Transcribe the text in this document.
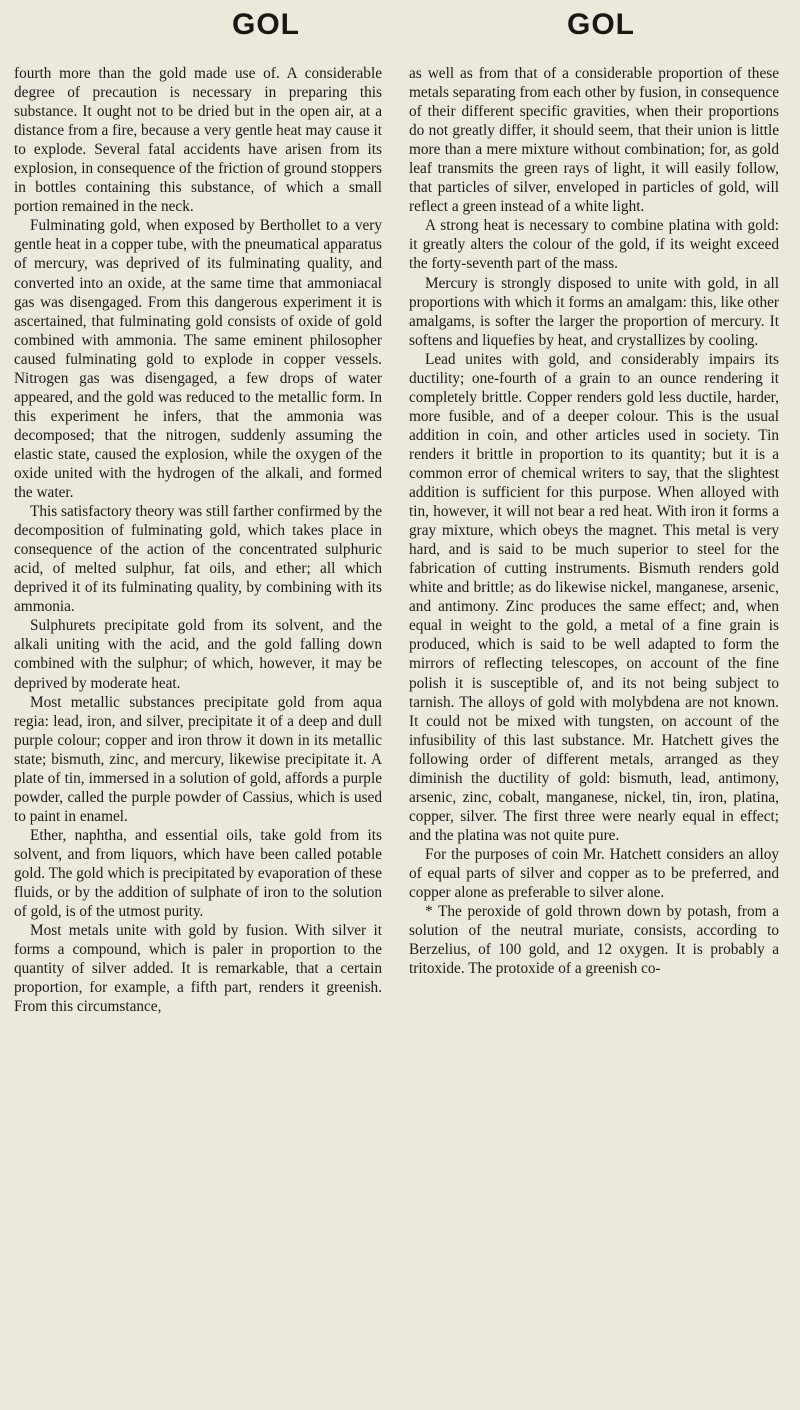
GOL	GOL

fourth more than the gold made use of. A considerable degree of precaution is necessary in preparing this substance. It ought not to be dried but in the open air, at a distance from a fire, because a very gentle heat may cause it to explode. Several fatal accidents have arisen from its explosion, in consequence of the friction of ground stoppers in bottles containing this substance, of which a small portion remained in the neck.

Fulminating gold, when exposed by Berthollet to a very gentle heat in a copper tube, with the pneumatical apparatus of mercury, was deprived of its fulminating quality, and converted into an oxide, at the same time that ammoniacal gas was disengaged. From this dangerous experiment it is ascertained, that fulminating gold consists of oxide of gold combined with ammonia. The same eminent philosopher caused fulminating gold to explode in copper vessels. Nitrogen gas was disengaged, a few drops of water appeared, and the gold was reduced to the metallic form. In this experiment he infers, that the ammonia was decomposed; that the nitrogen, suddenly assuming the elastic state, caused the explosion, while the oxygen of the oxide united with the hydrogen of the alkali, and formed the water.

This satisfactory theory was still farther confirmed by the decomposition of fulminating gold, which takes place in consequence of the action of the concentrated sulphuric acid, of melted sulphur, fat oils, and ether; all which deprived it of its fulminating quality, by combining with its ammonia.

Sulphurets precipitate gold from its solvent, and the alkali uniting with the acid, and the gold falling down combined with the sulphur; of which, however, it may be deprived by moderate heat.

Most metallic substances precipitate gold from aqua regia: lead, iron, and silver, precipitate it of a deep and dull purple colour; copper and iron throw it down in its metallic state; bismuth, zinc, and mercury, likewise precipitate it. A plate of tin, immersed in a solution of gold, affords a purple powder, called the purple powder of Cassius, which is used to paint in enamel.

Ether, naphtha, and essential oils, take gold from its solvent, and from liquors, which have been called potable gold. The gold which is precipitated by evaporation of these fluids, or by the addition of sulphate of iron to the solution of gold, is of the utmost purity.

Most metals unite with gold by fusion. With silver it forms a compound, which is paler in proportion to the quantity of silver added. It is remarkable, that a certain proportion, for example, a fifth part, renders it greenish. From this circumstance,

as well as from that of a considerable proportion of these metals separating from each other by fusion, in consequence of their different specific gravities, when their proportions do not greatly differ, it should seem, that their union is little more than a mere mixture without combination; for, as gold leaf transmits the green rays of light, it will easily follow, that particles of silver, enveloped in particles of gold, will reflect a green instead of a white light.

A strong heat is necessary to combine platina with gold: it greatly alters the colour of the gold, if its weight exceed the forty-seventh part of the mass.

Mercury is strongly disposed to unite with gold, in all proportions with which it forms an amalgam: this, like other amalgams, is softer the larger the proportion of mercury. It softens and liquefies by heat, and crystallizes by cooling.

Lead unites with gold, and considerably impairs its ductility; one-fourth of a grain to an ounce rendering it completely brittle. Copper renders gold less ductile, harder, more fusible, and of a deeper colour. This is the usual addition in coin, and other articles used in society. Tin renders it brittle in proportion to its quantity; but it is a common error of chemical writers to say, that the slightest addition is sufficient for this purpose. When alloyed with tin, however, it will not bear a red heat. With iron it forms a gray mixture, which obeys the magnet. This metal is very hard, and is said to be much superior to steel for the fabrication of cutting instruments. Bismuth renders gold white and brittle; as do likewise nickel, manganese, arsenic, and antimony. Zinc produces the same effect; and, when equal in weight to the gold, a metal of a fine grain is produced, which is said to be well adapted to form the mirrors of reflecting telescopes, on account of the fine polish it is susceptible of, and its not being subject to tarnish. The alloys of gold with molybdena are not known. It could not be mixed with tungsten, on account of the infusibility of this last substance. Mr. Hatchett gives the following order of different metals, arranged as they diminish the ductility of gold: bismuth, lead, antimony, arsenic, zinc, cobalt, manganese, nickel, tin, iron, platina, copper, silver. The first three were nearly equal in effect; and the platina was not quite pure.

For the purposes of coin Mr. Hatchett considers an alloy of equal parts of silver and copper as to be preferred, and copper alone as preferable to silver alone.

* The peroxide of gold thrown down by potash, from a solution of the neutral muriate, consists, according to Berzelius, of 100 gold, and 12 oxygen. It is probably a tritoxide. The protoxide of a greenish co-
